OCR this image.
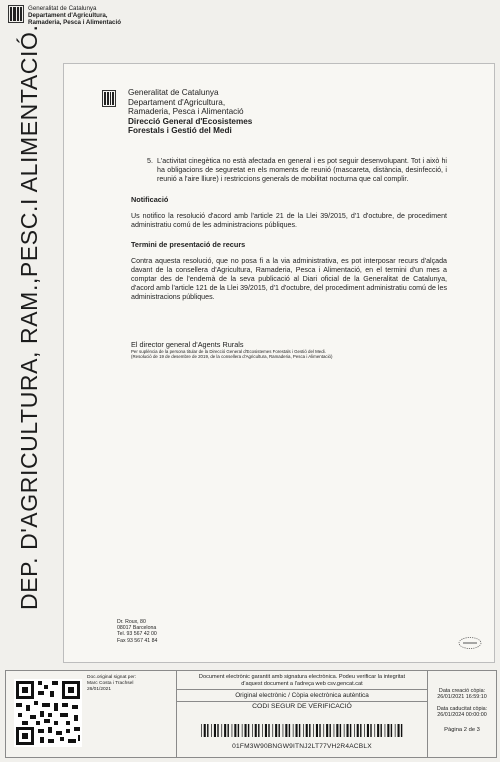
Generalitat de Catalunya
Departament d'Agricultura,
Ramaderia, Pesca i Alimentació
DEP. D'AGRICULTURA, RAM.,PESC.I ALIMENTACIÓ.	Generalitat de Catalunya
Departament d'Agricultura,
Ramaderia, Pesca i Alimentació
Direcció General d'Ecosistemes
Forestals i Gestió del Medi
5. L'activitat cinegètica no està afectada en general i es pot seguir desenvolupant. Tot i això hi ha obligacions de seguretat en els moments de reunió (mascareta, distància, desinfecció, i reunió a l'aire lliure) i restriccions generals de mobilitat nocturna que cal complir.
Notificació

Us notifico la resolució d'acord amb l'article 21 de la Llei 39/2015, d'1 d'octubre, de procediment administratiu comú de les administracions públiques.

Termini de presentació de recurs

Contra aquesta resolució, que no posa fi a la via administrativa, es pot interposar recurs d'alçada davant de la consellera d'Agricultura, Ramaderia, Pesca i Alimentació, en el termini d'un mes a comptar des de l'endemà de la seva publicació al Diari oficial de la Generalitat de Catalunya, d'acord amb l'article 121 de la Llei 39/2015, d'1 d'octubre, del procediment administratiu comú de les administracions públiques.

El director general d'Agents Rurals
Per suplència de la persona titular de la Direcció General d'Ecosistemes Forestals i Gestió del Medi.
(Resolució de 19 de desembre de 2019, de la consellera d'Agricultura, Ramaderia, Pesca i Alimentació)
Dr. Roux, 80
08017 Barcelona
Tel. 93 567 42 00
Fax 93 567 41 84
Doc.original signat per:
Marc Costa i Trachsel
26/01/2021
Document electrònic garantit amb signatura electrònica. Podeu verificar la integritat
d'aquest document a l'adreça web csv.gencat.cat
Original electrònic / Còpia electrònica autèntica
CODI SEGUR DE VERIFICACIÓ
01FM3W90BNGW9ITNJ2LT77VH2R4ACBLX
Data creació còpia:
26/01/2021 16:59:10
Data caducitat còpia:
26/01/2024 00:00:00
Pàgina 2 de 3
